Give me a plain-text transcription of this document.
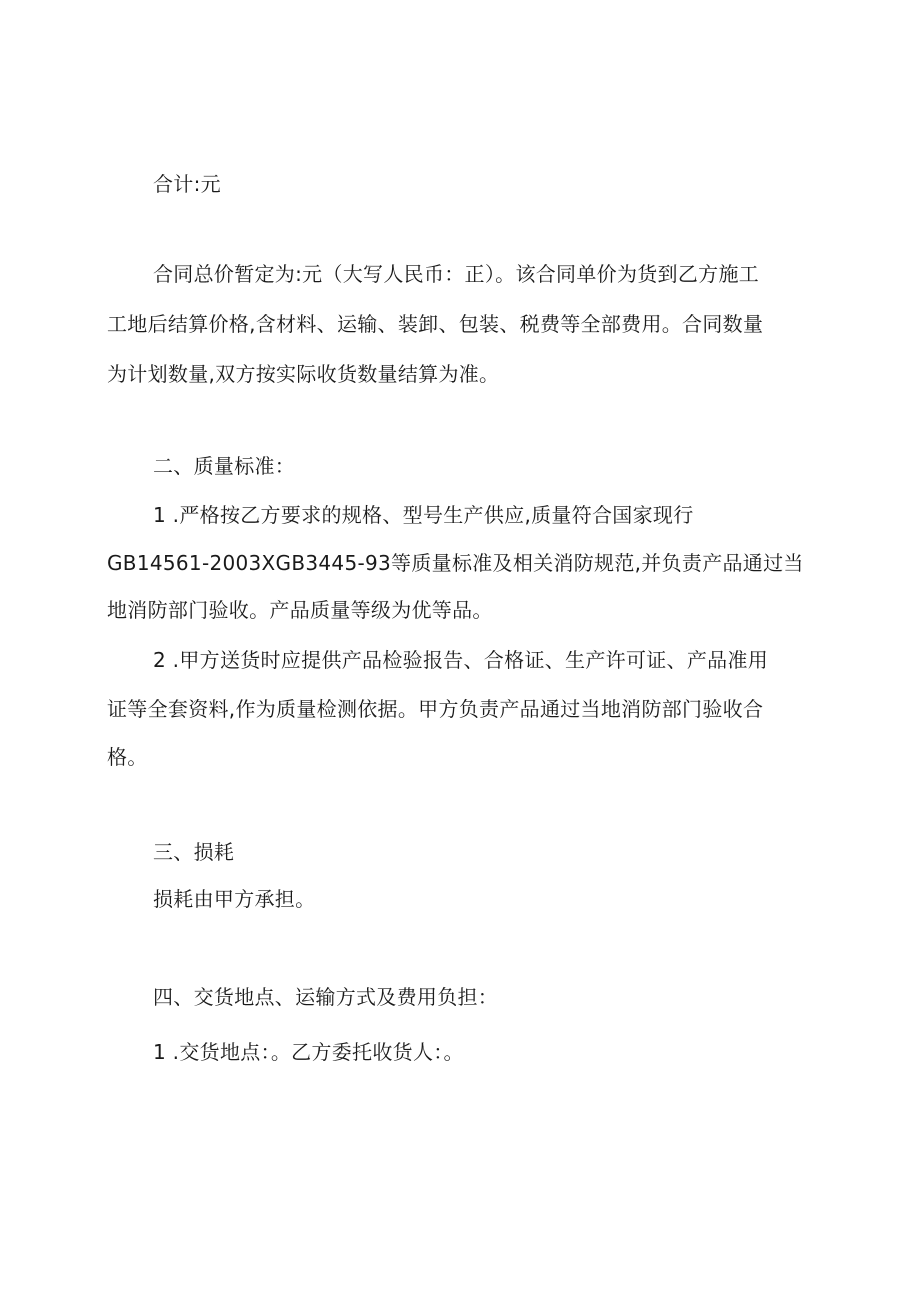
合计:元
合同总价暂定为:元（大写人民币：正）。该合同单价为货到乙方施工
工地后结算价格,含材料、运输、装卸、包装、税费等全部费用。合同数量
为计划数量,双方按实际收货数量结算为准。
二、质量标准：
1 .严格按乙方要求的规格、型号生产供应,质量符合国家现行
GB14561-2003XGB3445-93等质量标准及相关消防规范,并负责产品通过当
地消防部门验收。产品质量等级为优等品。
2 .甲方送货时应提供产品检验报告、合格证、生产许可证、产品准用
证等全套资料,作为质量检测依据。甲方负责产品通过当地消防部门验收合
格。
三、损耗
损耗由甲方承担。
四、交货地点、运输方式及费用负担：
1 .交货地点：。乙方委托收货人：。
